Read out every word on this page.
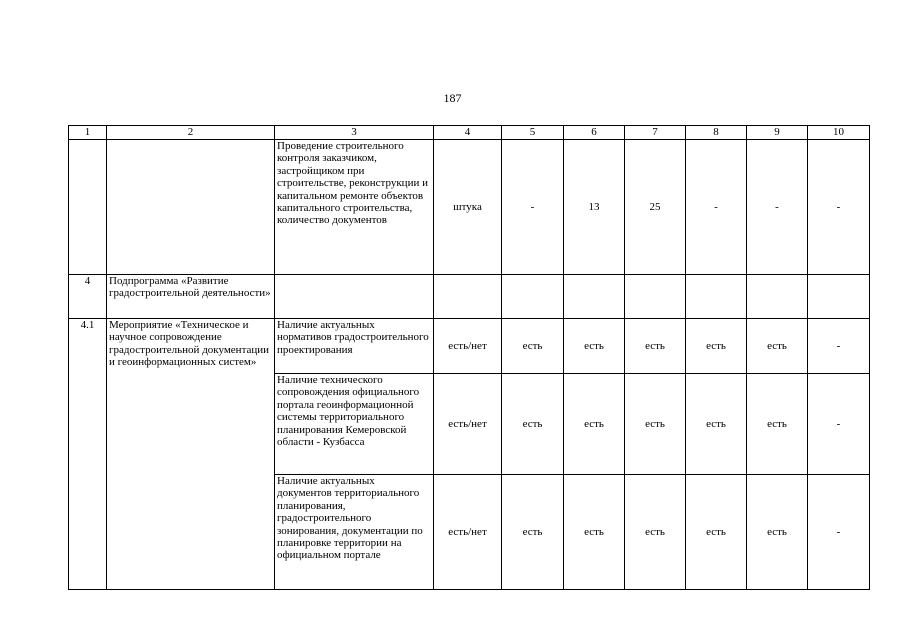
187
1	2	3	4	5	6	7	8	9	10
		Проведение строительного контроля заказчиком, застройщиком при строительстве, реконструкции и капитальном ремонте объектов капитального строительства, количество документов	штука	-	13	25	-	-	-
4	Подпрограмма «Развитие градостроительной деятельности»								
4.1	Мероприятие «Техническое и научное сопровождение градостроительной документации и геоинформационных систем»	Наличие актуальных нормативов градостроительного проектирования	есть/нет	есть	есть	есть	есть	есть	-
		Наличие технического сопровождения официального портала геоинформационной системы территориального планирования Кемеровской области - Кузбасса	есть/нет	есть	есть	есть	есть	есть	-
		Наличие актуальных документов территориального планирования, градостроительного зонирования, документации по планировке территории на официальном портале	есть/нет	есть	есть	есть	есть	есть	-
